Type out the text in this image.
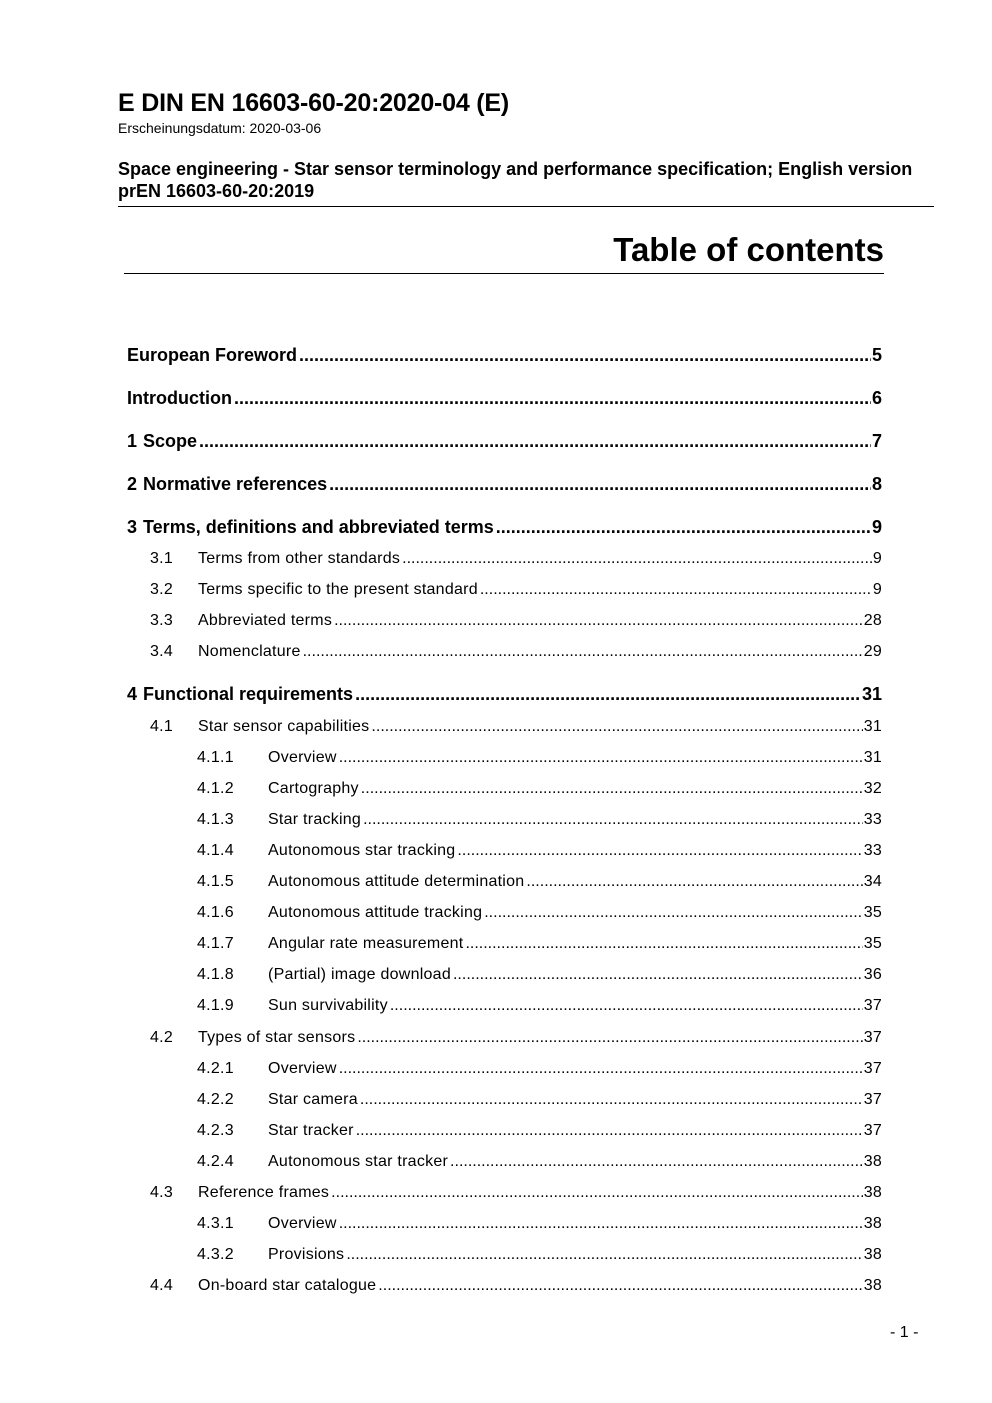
E DIN EN 16603-60-20:2020-04 (E)
Erscheinungsdatum: 2020-03-06
Space engineering - Star sensor terminology and performance specification; English version prEN 16603-60-20:2019
Table of contents
European Foreword .....	5
Introduction .....	6
1 Scope .....	7
2 Normative references .....	8
3 Terms, definitions and abbreviated terms .....	9
3.1	Terms from other standards .....	9
3.2	Terms specific to the present standard .....	9
3.3	Abbreviated terms .....	28
3.4	Nomenclature .....	29
4 Functional requirements .....	31
4.1	Star sensor capabilities .....	31
4.1.1	Overview .....	31
4.1.2	Cartography .....	32
4.1.3	Star tracking .....	33
4.1.4	Autonomous star tracking .....	33
4.1.5	Autonomous attitude determination .....	34
4.1.6	Autonomous attitude tracking .....	35
4.1.7	Angular rate measurement .....	35
4.1.8	(Partial) image download .....	36
4.1.9	Sun survivability .....	37
4.2	Types of star sensors .....	37
4.2.1	Overview .....	37
4.2.2	Star camera .....	37
4.2.3	Star tracker .....	37
4.2.4	Autonomous star tracker .....	38
4.3	Reference frames .....	38
4.3.1	Overview .....	38
4.3.2	Provisions .....	38
4.4	On-board star catalogue .....	38
- 1 -
